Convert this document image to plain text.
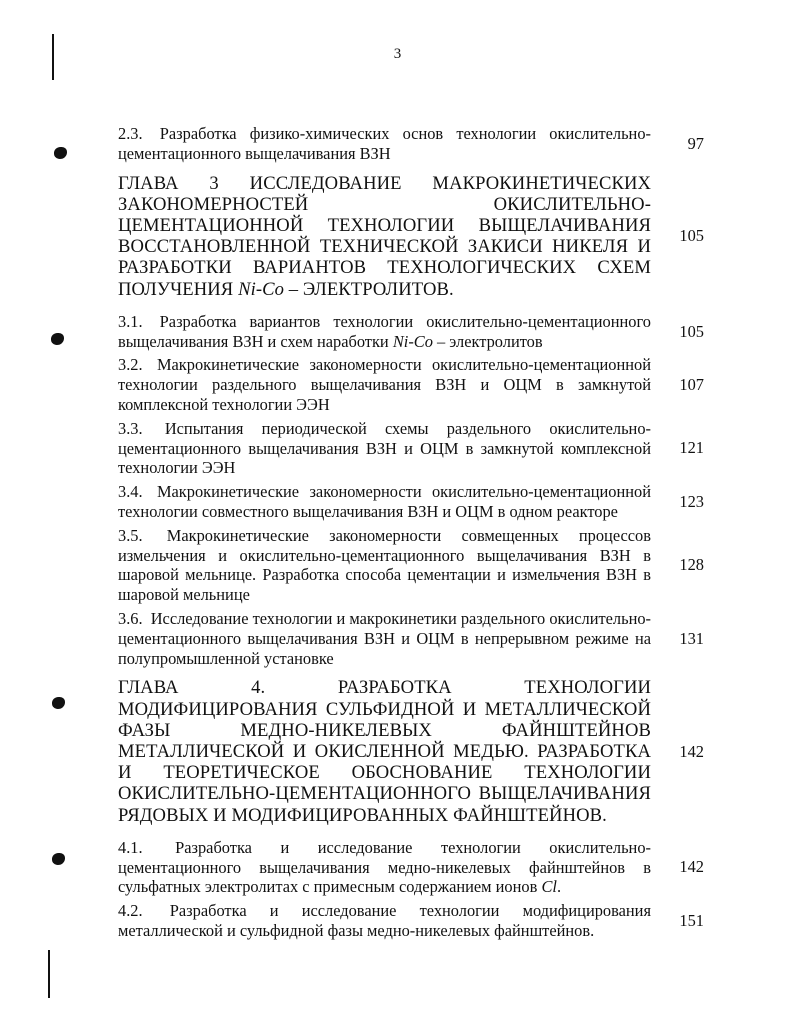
3
2.3. Разработка физико-химических основ технологии окислительно-цементационного выщелачивания ВЗН
97
ГЛАВА 3 ИССЛЕДОВАНИЕ МАКРОКИНЕТИЧЕСКИХ ЗАКОНОМЕРНОСТЕЙ ОКИСЛИТЕЛЬНО-ЦЕМЕНТАЦИОННОЙ ТЕХНОЛОГИИ ВЫЩЕЛАЧИВАНИЯ ВОССТАНОВЛЕННОЙ ТЕХНИЧЕСКОЙ ЗАКИСИ НИКЕЛЯ И РАЗРАБОТКИ ВАРИАНТОВ ТЕХНОЛОГИЧЕСКИХ СХЕМ ПОЛУЧЕНИЯ Ni-Co – ЭЛЕКТРОЛИТОВ.
105
3.1. Разработка вариантов технологии окислительно-цементационного выщелачивания ВЗН и схем наработки Ni-Co – электролитов
105
3.2. Макрокинетические закономерности окислительно-цементационной технологии раздельного выщелачивания ВЗН и ОЦМ в замкнутой комплексной технологии ЭЭН
107
3.3. Испытания периодической схемы раздельного окислительно-цементационного выщелачивания ВЗН и ОЦМ в замкнутой комплексной технологии ЭЭН
121
3.4. Макрокинетические закономерности окислительно-цементационной технологии совместного выщелачивания ВЗН и ОЦМ в одном реакторе
123
3.5. Макрокинетические закономерности совмещенных процессов измельчения и окислительно-цементационного выщелачивания ВЗН в шаровой мельнице. Разработка способа цементации и измельчения ВЗН в шаровой мельнице
128
3.6. Исследование технологии и макрокинетики раздельного окислительно-цементационного выщелачивания ВЗН и ОЦМ в непрерывном режиме на полупромышленной установке
131
ГЛАВА 4. РАЗРАБОТКА ТЕХНОЛОГИИ МОДИФИЦИРОВАНИЯ СУЛЬФИДНОЙ И МЕТАЛЛИЧЕСКОЙ ФАЗЫ МЕДНО-НИКЕЛЕВЫХ ФАЙНШТЕЙНОВ МЕТАЛЛИЧЕСКОЙ И ОКИСЛЕННОЙ МЕДЬЮ. РАЗРАБОТКА И ТЕОРЕТИЧЕСКОЕ ОБОСНОВАНИЕ ТЕХНОЛОГИИ ОКИСЛИТЕЛЬНО-ЦЕМЕНТАЦИОННОГО ВЫЩЕЛАЧИВАНИЯ РЯДОВЫХ И МОДИФИЦИРОВАННЫХ ФАЙНШТЕЙНОВ.
142
4.1. Разработка и исследование технологии окислительно-цементационного выщелачивания медно-никелевых файнштейнов в сульфатных электролитах с примесным содержанием ионов Cl.
142
4.2. Разработка и исследование технологии модифицирования металлической и сульфидной фазы медно-никелевых файнштейнов.
151
